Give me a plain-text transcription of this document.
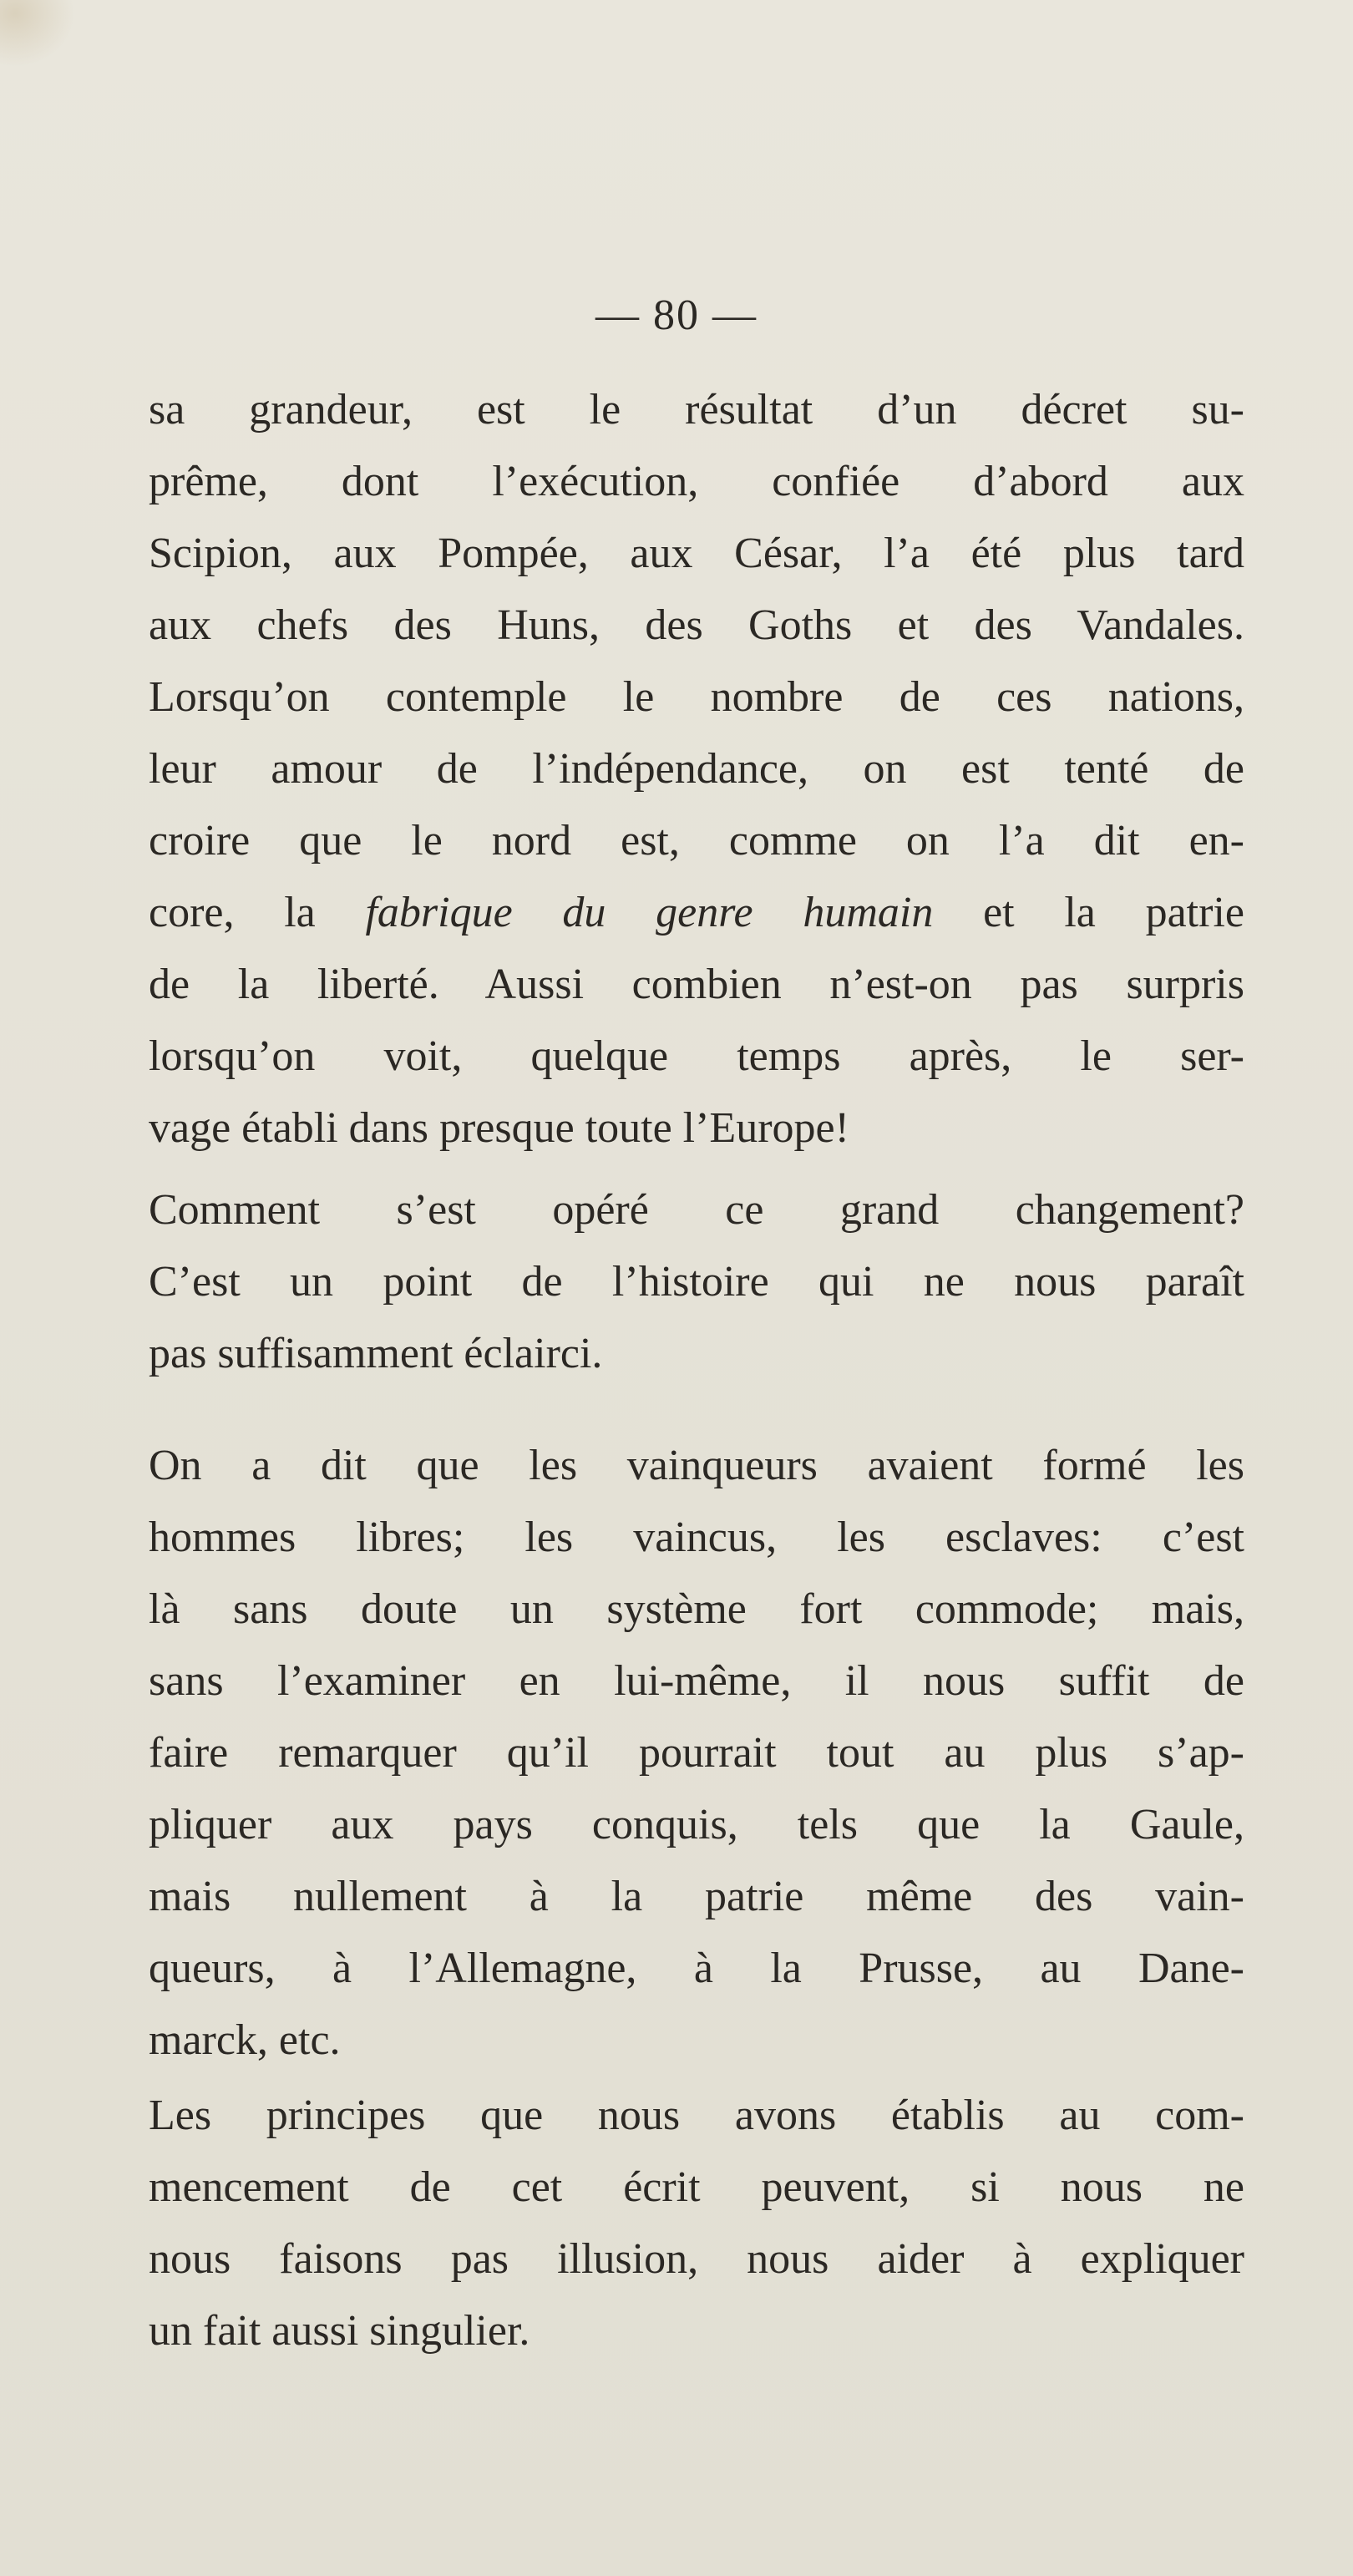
— 80 —
sa grandeur, est le résultat d’un décret su-
prême, dont l’exécution, confiée d’abord aux
Scipion, aux Pompée, aux César, l’a été plus tard
aux chefs des Huns, des Goths et des Vandales.
Lorsqu’on contemple le nombre de ces nations,
leur amour de l’indépendance, on est tenté de
croire que le nord est, comme on l’a dit en-
core, la fabrique du genre humain et la patrie
de la liberté. Aussi combien n’est-on pas surpris
lorsqu’on voit, quelque temps après, le ser-
vage établi dans presque toute l’Europe!
Comment s’est opéré ce grand changement?
C’est un point de l’histoire qui ne nous paraît
pas suffisamment éclairci.
On a dit que les vainqueurs avaient formé les
hommes libres; les vaincus, les esclaves: c’est
là sans doute un système fort commode; mais,
sans l’examiner en lui-même, il nous suffit de
faire remarquer qu’il pourrait tout au plus s’ap-
pliquer aux pays conquis, tels que la Gaule,
mais nullement à la patrie même des vain-
queurs, à l’Allemagne, à la Prusse, au Dane-
marck, etc.
Les principes que nous avons établis au com-
mencement de cet écrit peuvent, si nous ne
nous faisons pas illusion, nous aider à expliquer
un fait aussi singulier.
